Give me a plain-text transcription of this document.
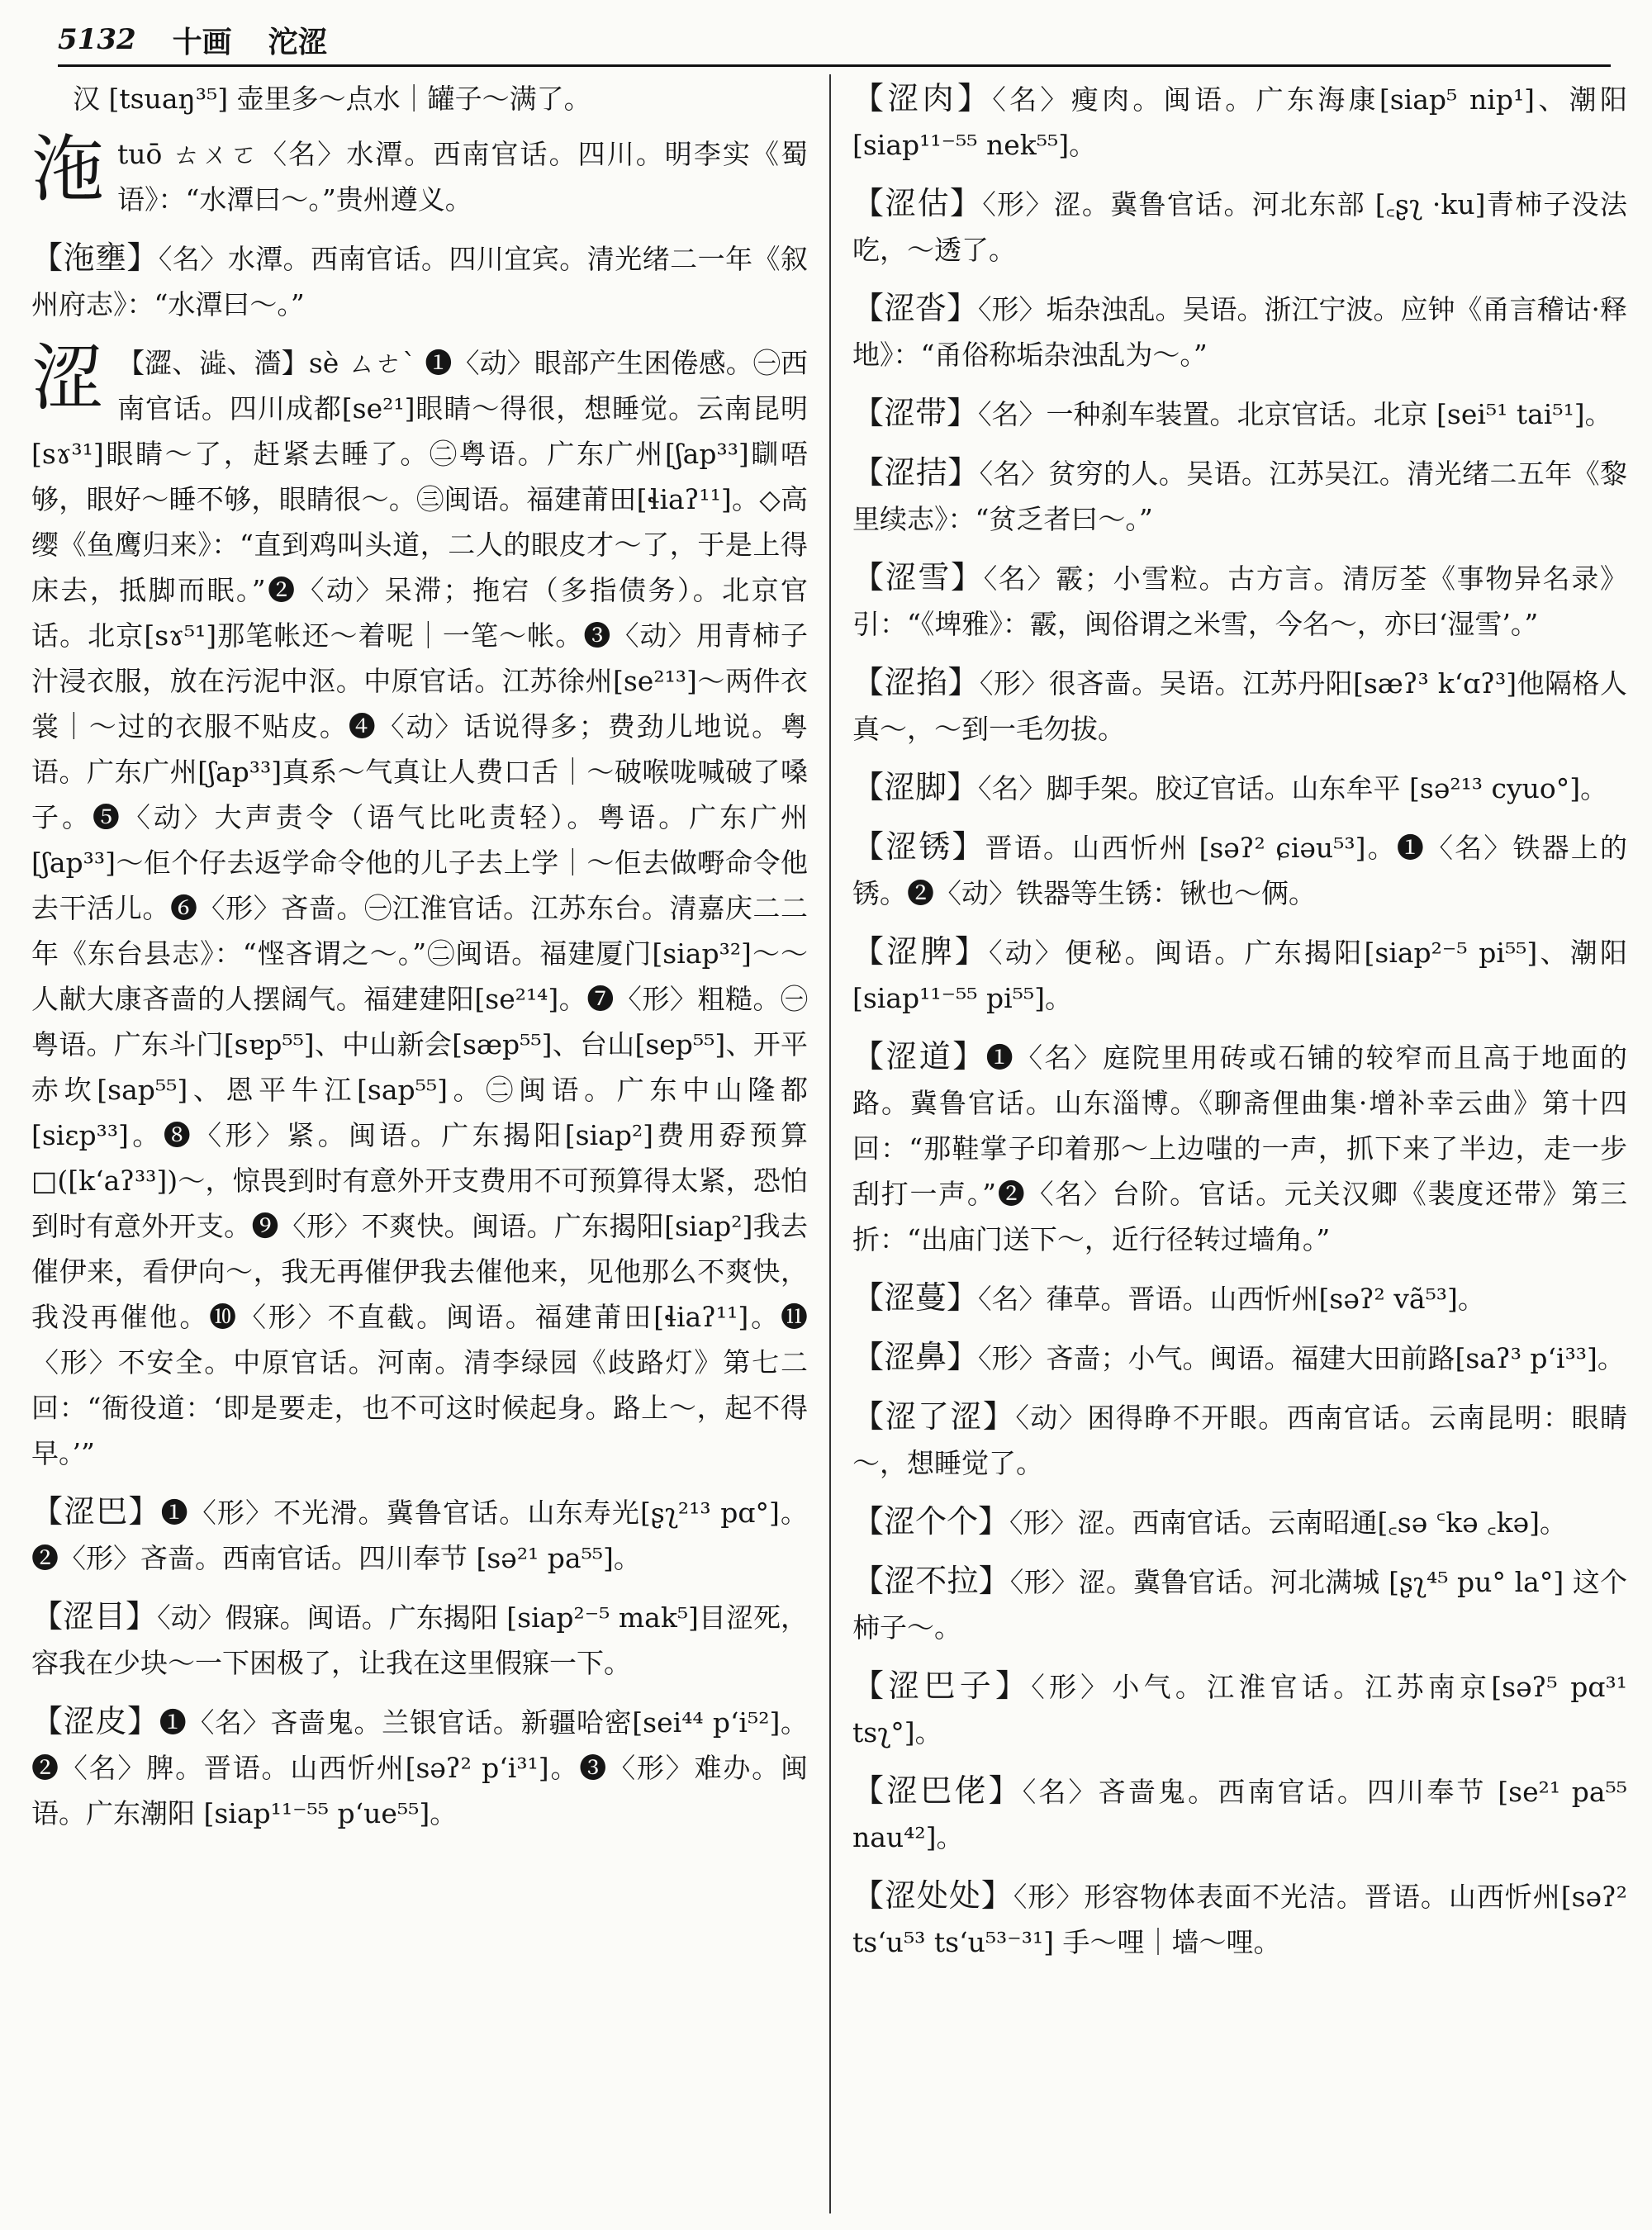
5132 十画 沱涩

汉 [tsuaŋ³⁵] 壶里多～点水｜罐子～满了。

沲tuō ㄊㄨㄛ〈名〉水潭。西南官话。四川。明李实《蜀语》：“水潭曰～。”贵州遵义。

【沲壅】〈名〉水潭。西南官话。四川宜宾。清光绪二一年《叙州府志》：“水潭曰～。”

涩 【澀、澁、濇】sè ㄙㄜˋ ❶〈动〉眼部产生困倦感。㊀西南官话。四川成都[se²¹]眼睛～得很，想睡觉。云南昆明[sɤ³¹]眼睛～了，赶紧去睡了。㊁粤语。广东广州[ʃap³³]瞓唔够，眼好～睡不够，眼睛很～。㊂闽语。福建莆田[ɬiaʔ¹¹]。◇高缨《鱼鹰归来》：“直到鸡叫头道，二人的眼皮才～了，于是上得床去，抵脚而眠。”❷〈动〉呆滞；拖宕（多指债务）。北京官话。北京[sɤ⁵¹]那笔帐还～着呢｜一笔～帐。❸〈动〉用青柿子汁浸衣服，放在污泥中沤。中原官话。江苏徐州[se²¹³]～两件衣裳｜～过的衣服不贴皮。❹〈动〉话说得多；费劲儿地说。粤语。广东广州[ʃap³³]真系～气真让人费口舌｜～破喉咙喊破了嗓子。❺〈动〉大声责令（语气比叱责轻）。粤语。广东广州[ʃap³³]～佢个仔去返学命令他的儿子去上学｜～佢去做嘢命令他去干活儿。❻〈形〉吝啬。㊀江淮官话。江苏东台。清嘉庆二二年《东台县志》：“悭吝谓之～。”㊁闽语。福建厦门[siap³²]～～人献大康吝啬的人摆阔气。福建建阳[se²¹⁴]。❼〈形〉粗糙。㊀粤语。广东斗门[sɐp⁵⁵]、中山新会[sæp⁵⁵]、台山[sep⁵⁵]、开平赤坎[sap⁵⁵]、恩平牛江[sap⁵⁵]。㊁闽语。广东中山隆都[siɛp³³]。❽〈形〉紧。闽语。广东揭阳[siap²]费用孬预算□([kʻaʔ³³])～，惊畏到时有意外开支费用不可预算得太紧，恐怕到时有意外开支。❾〈形〉不爽快。闽语。广东揭阳[siap²]我去催伊来，看伊向～，我无再催伊我去催他来，见他那么不爽快，我没再催他。❿〈形〉不直截。闽语。福建莆田[ɬiaʔ¹¹]。⓫〈形〉不安全。中原官话。河南。清李绿园《歧路灯》第七二回：“衙役道：‘即是要走，也不可这时候起身。路上～，起不得早。’”

【涩巴】❶〈形〉不光滑。冀鲁官话。山东寿光[ʂʅ²¹³ pɑ°]。❷〈形〉吝啬。西南官话。四川奉节 [sə²¹ pa⁵⁵]。

【涩目】〈动〉假寐。闽语。广东揭阳 [siap²⁻⁵ mak⁵]目涩死，容我在少块～一下困极了，让我在这里假寐一下。

【涩皮】❶〈名〉吝啬鬼。兰银官话。新疆哈密[sei⁴⁴ pʻi⁵²]。❷〈名〉脾。晋语。山西忻州[səʔ² pʻi³¹]。❸〈形〉难办。闽语。广东潮阳 [siap¹¹⁻⁵⁵ pʻue⁵⁵]。

【涩肉】〈名〉瘦肉。闽语。广东海康[siap⁵ nip¹]、潮阳 [siap¹¹⁻⁵⁵ nek⁵⁵]。

【涩估】〈形〉涩。冀鲁官话。河北东部 [꜀ʂʅ ·ku]青柿子没法吃，～透了。

【涩沓】〈形〉垢杂浊乱。吴语。浙江宁波。应钟《甬言稽诂·释地》：“甬俗称垢杂浊乱为～。”

【涩带】〈名〉一种刹车装置。北京官话。北京 [sei⁵¹ tai⁵¹]。

【涩拮】〈名〉贫穷的人。吴语。江苏吴江。清光绪二五年《黎里续志》：“贫乏者曰～。”

【涩雪】〈名〉霰；小雪粒。古方言。清厉荃《事物异名录》引：“《埤雅》：霰，闽俗谓之米雪，今名～，亦曰‘湿雪’。”

【涩掐】〈形〉很吝啬。吴语。江苏丹阳[sæʔ³ kʻɑʔ³]他隔格人真～，～到一毛勿拔。

【涩脚】〈名〉脚手架。胶辽官话。山东牟平 [sə²¹³ cyuo°]。

【涩锈】晋语。山西忻州 [səʔ² ɕiəu⁵³]。❶〈名〉铁器上的锈。❷〈动〉铁器等生锈：锹也～俩。

【涩脾】〈动〉便秘。闽语。广东揭阳[siap²⁻⁵ pi⁵⁵]、潮阳 [siap¹¹⁻⁵⁵ pi⁵⁵]。

【涩道】❶〈名〉庭院里用砖或石铺的较窄而且高于地面的路。冀鲁官话。山东淄博。《聊斋俚曲集·增补幸云曲》第十四回：“那鞋掌子印着那～上边嗤的一声，抓下来了半边，走一步刮打一声。”❷〈名〉台阶。官话。元关汉卿《裴度还带》第三折：“出庙门送下～，近行径转过墙角。”

【涩蔓】〈名〉葎草。晋语。山西忻州[səʔ² vã⁵³]。

【涩鼻】〈形〉吝啬；小气。闽语。福建大田前路[saʔ³ pʻi³³]。

【涩了涩】〈动〉困得睁不开眼。西南官话。云南昆明：眼睛～，想睡觉了。

【涩个个】〈形〉涩。西南官话。云南昭通[꜀sə ꜂kə ꜀kə]。

【涩不拉】〈形〉涩。冀鲁官话。河北满城 [ʂʅ⁴⁵ pu° la°] 这个柿子～。

【涩巴子】〈形〉小气。江淮官话。江苏南京[səʔ⁵ pɑ³¹ tsʅ°]。

【涩巴佬】〈名〉吝啬鬼。西南官话。四川奉节 [se²¹ pa⁵⁵ nau⁴²]。

【涩处处】〈形〉形容物体表面不光洁。晋语。山西忻州[səʔ² tsʻu⁵³ tsʻu⁵³⁻³¹] 手～哩｜墙～哩。
